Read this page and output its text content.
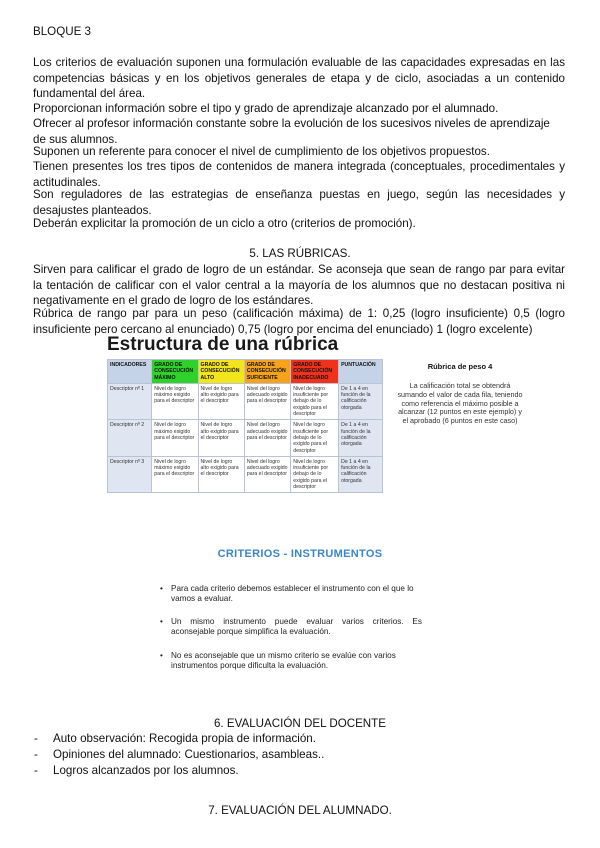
BLOQUE 3

Los criterios de evaluación suponen una formulación evaluable de las capacidades expresadas en las competencias básicas y en los objetivos generales de etapa y de ciclo, asociadas a un contenido fundamental del área.

Proporcionan información sobre el tipo y grado de aprendizaje alcanzado por el alumnado.

Ofrecer al profesor información constante sobre la evolución de los sucesivos niveles de aprendizaje de sus alumnos.

Suponen un referente para conocer el nivel de cumplimiento de los objetivos propuestos.

Tienen presentes los tres tipos de contenidos de manera integrada (conceptuales, procedimentales y actitudinales.

Son reguladores de las estrategias de enseñanza puestas en juego, según las necesidades y desajustes planteados.

Deberán explicitar la promoción de un ciclo a otro (criterios de promoción).

5. LAS RÚBRICAS.

Sirven para calificar el grado de logro de un estándar. Se aconseja que sean de rango par para evitar la tentación de calificar con el valor central a la mayoría de los alumnos que no destacan positiva ni negativamente en el grado de logro de los estándares.

Rúbrica de rango par para un peso (calificación máxima) de 1: 0,25 (logro insuficiente) 0,5 (logro insuficiente pero cercano al enunciado) 0,75 (logro por encima del enunciado) 1 (logro excelente)

Estructura de una rúbrica
INDICADORES	GRADO DE CONSECUCIÓN MÁXIMO	GRADO DE CONSECUCIÓN ALTO	GRADO DE CONSECUCIÓN SUFICIENTE	GRADO DE CONSECUCIÓN INADECUADO	PUNTUACIÓN
Descriptor nº 1	Nivel de logro máximo exigido para el descriptor	Nivel de logro alto exigido para el descriptor	Nivel del logro adecuado exigido para el descriptor	Nivel de logro insuficiente por debajo de lo exigido para el descriptor	De 1 a 4 en función de la calificación otorgada
Descriptor nº 2	Nivel de logro máximo exigido para el descriptor	Nivel de logro alto exigido para el descriptor	Nivel del logro adecuado exigido para el descriptor	Nivel de logro insuficiente por debajo de lo exigido para el descriptor	De 1 a 4 en función de la calificación otorgada
Descriptor nº 3	Nivel de logro máximo exigido para el descriptor	Nivel de logro alto exigido para el descriptor	Nivel del logro adecuado exigido para el descriptor	Nivel de logro insuficiente por debajo de lo exigido para el descriptor	De 1 a 4 en función de la calificación otorgada
Rúbrica de peso 4
La calificación total se obtendrá sumando el valor de cada fila, teniendo como referencia el máximo posible a alcanzar (12 puntos en este ejemplo) y el aprobado (6 puntos en este caso)
CRITERIOS - INSTRUMENTOS
• Para cada criterio debemos establecer el instrumento con el que lo vamos a evaluar.
• Un mismo instrumento puede evaluar varios criterios. Es aconsejable porque simplifica la evaluación.
• No es aconsejable que un mismo criterio se evalúe con varios instrumentos porque dificulta la evaluación.
6. EVALUACIÓN DEL DOCENTE
- Auto observación: Recogida propia de información.
- Opiniones del alumnado: Cuestionarios, asambleas..
- Logros alcanzados por los alumnos.
7. EVALUACIÓN DEL ALUMNADO.
